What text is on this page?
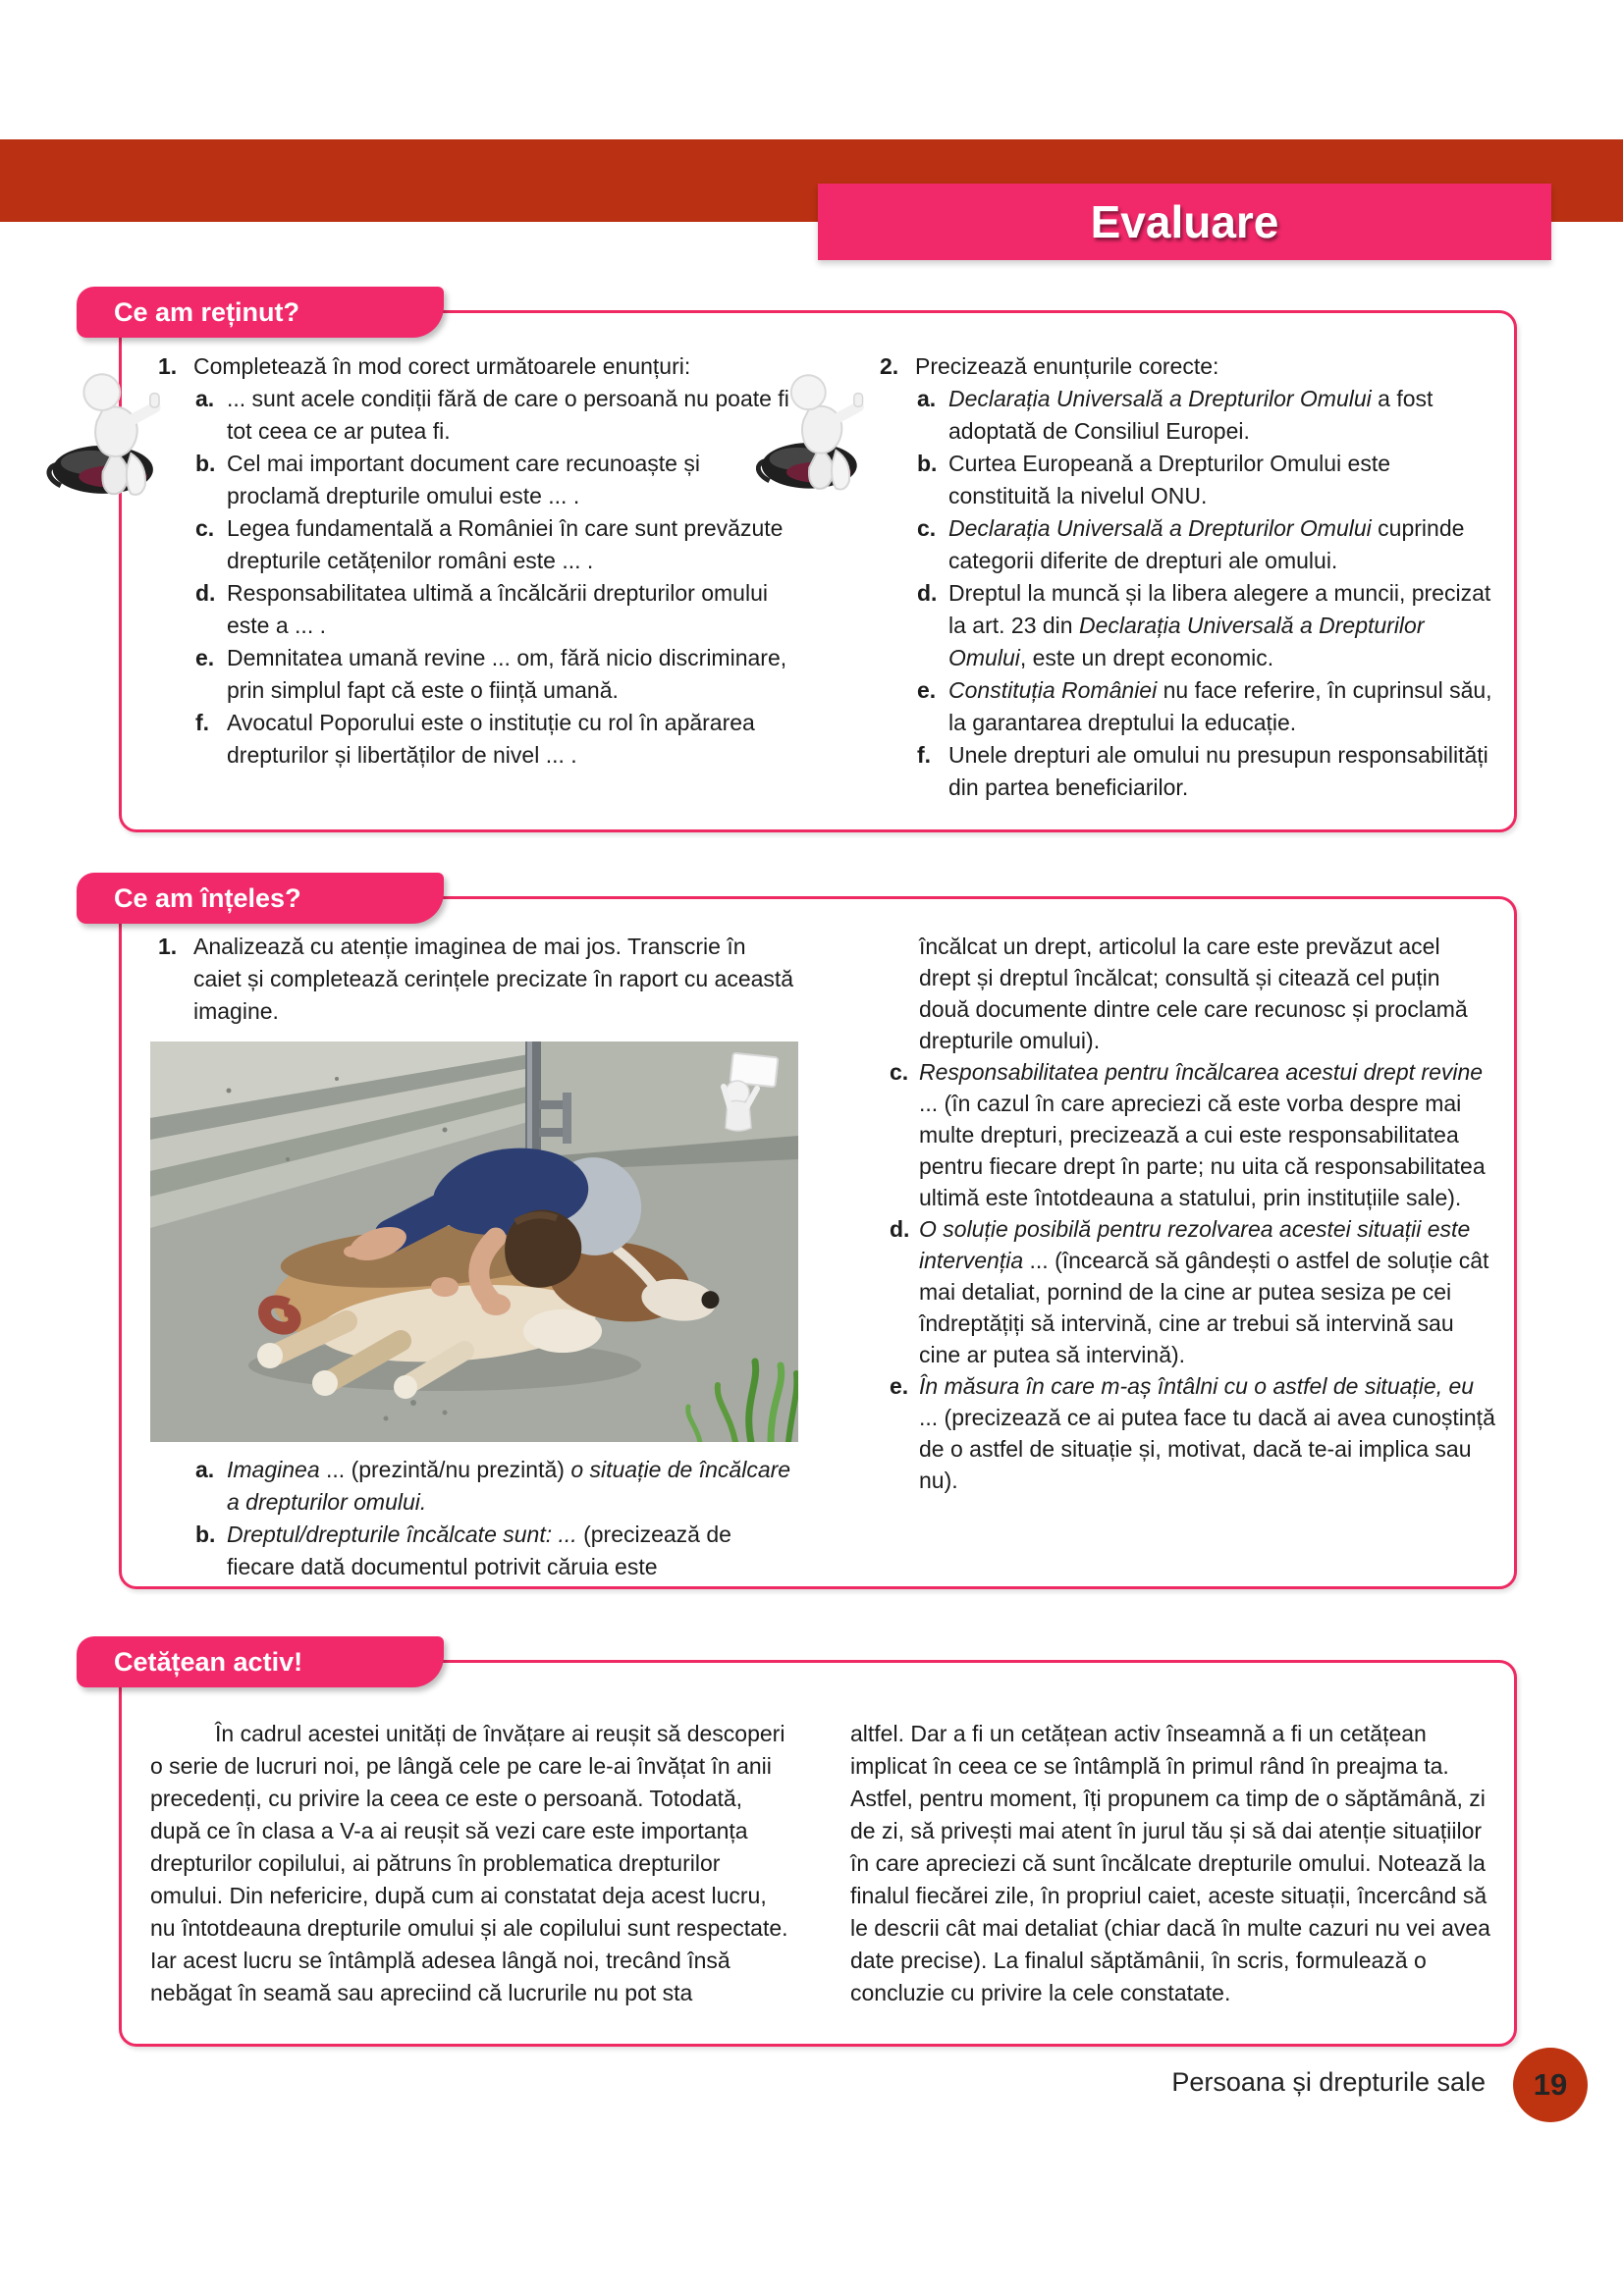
Evaluare
Ce am reținut?
1. Completează în mod corect următoarele enunțuri:
a. ... sunt acele condiții fără de care o persoană nu poate fi tot ceea ce ar putea fi.
b. Cel mai important document care recunoaște și proclamă drepturile omului este ... .
c. Legea fundamentală a României în care sunt prevăzute drepturile cetățenilor români este ... .
d. Responsabilitatea ultimă a încălcării drepturilor omului este a ... .
e. Demnitatea umană revine ... om, fără nicio discriminare, prin simplul fapt că este o ființă umană.
f. Avocatul Poporului este o instituție cu rol în apărarea drepturilor și libertăților de nivel ... .
2. Precizează enunțurile corecte:
a. Declarația Universală a Drepturilor Omului a fost adoptată de Consiliul Europei.
b. Curtea Europeană a Drepturilor Omului este constituită la nivelul ONU.
c. Declarația Universală a Drepturilor Omului cuprinde categorii diferite de drepturi ale omului.
d. Dreptul la muncă și la libera alegere a muncii, precizat la art. 23 din Declarația Universală a Drepturilor Omului, este un drept economic.
e. Constituția României nu face referire, în cuprinsul său, la garantarea dreptului la educație.
f. Unele drepturi ale omului nu presupun responsabilități din partea beneficiarilor.
Ce am înțeles?
1. Analizează cu atenție imaginea de mai jos. Transcrie în caiet și completează cerințele precizate în raport cu această imagine.
a. Imaginea ... (prezintă/nu prezintă) o situație de încălcare a drepturilor omului.
b. Dreptul/drepturile încălcate sunt: ... (precizează de fiecare dată documentul potrivit căruia este
încălcat un drept, articolul la care este prevăzut acel drept și dreptul încălcat; consultă și citează cel puțin două documente dintre cele care recunosc și proclamă drepturile omului).
c. Responsabilitatea pentru încălcarea acestui drept revine ... (în cazul în care apreciezi că este vorba despre mai multe drepturi, precizează a cui este responsabilitatea pentru fiecare drept în parte; nu uita că responsabilitatea ultimă este întotdeauna a statului, prin instituțiile sale).
d. O soluție posibilă pentru rezolvarea acestei situații este intervenția ... (încearcă să gândești o astfel de soluție cât mai detaliat, pornind de la cine ar putea sesiza pe cei îndreptățiți să intervină, cine ar trebui să intervină sau cine ar putea să intervină).
e. În măsura în care m-aș întâlni cu o astfel de situație, eu ... (precizează ce ai putea face tu dacă ai avea cunoștință de o astfel de situație și, motivat, dacă te-ai implica sau nu).
Cetățean activ!

În cadrul acestei unități de învățare ai reușit să descoperi o serie de lucruri noi, pe lângă cele pe care le-ai învățat în anii precedenți, cu privire la ceea ce este o persoană. Totodată, după ce în clasa a V-a ai reușit să vezi care este importanța drepturilor copilului, ai pătruns în problematica drepturilor omului. Din nefericire, după cum ai constatat deja acest lucru, nu întotdeauna drepturile omului și ale copilului sunt respectate. Iar acest lucru se întâmplă adesea lângă noi, trecând însă nebăgat în seamă sau apreciind că lucrurile nu pot sta

altfel. Dar a fi un cetățean activ înseamnă a fi un cetățean implicat în ceea ce se întâmplă în primul rând în preajma ta. Astfel, pentru moment, îți propunem ca timp de o săptămână, zi de zi, să privești mai atent în jurul tău și să dai atenție situațiilor în care apreciezi că sunt încălcate drepturile omului. Notează la finalul fiecărei zile, în propriul caiet, aceste situații, încercând să le descrii cât mai detaliat (chiar dacă în multe cazuri nu vei avea date precise). La finalul săptămânii, în scris, formulează o concluzie cu privire la cele constatate.

Persoana și drepturile sale 19
